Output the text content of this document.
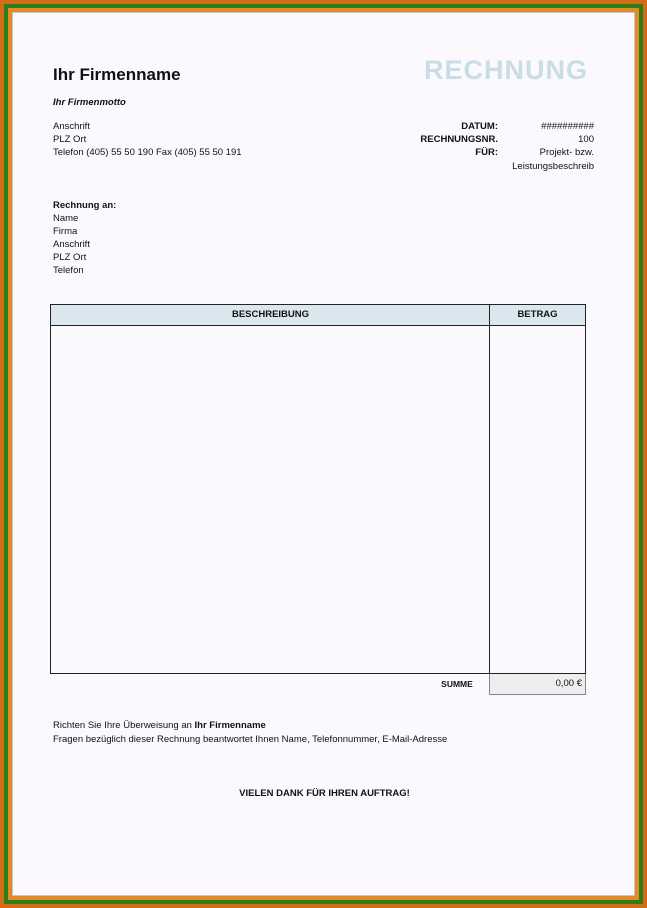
Ihr Firmenname
Ihr Firmenmotto
RECHNUNG
Anschrift
PLZ Ort
Telefon (405) 55 50 190 Fax (405) 55 50 191
DATUM:	##########
RECHNUNGSNR.	100
FÜR:	Projekt- bzw.
Leistungsbeschreib
Rechnung an:
Name
Firma
Anschrift
PLZ Ort
Telefon
BESCHREIBUNG	BETRAG
SUMME	0,00 €
Richten Sie Ihre Überweisung an Ihr Firmenname
Fragen bezüglich dieser Rechnung beantwortet Ihnen Name, Telefonnummer, E-Mail-Adresse
VIELEN DANK FÜR IHREN AUFTRAG!
